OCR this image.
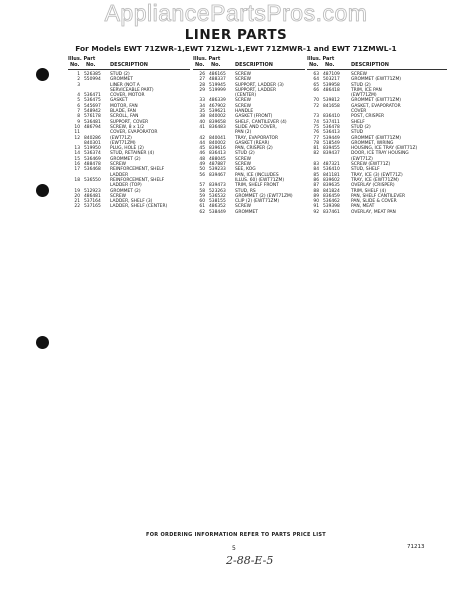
AppliancePartsPros.com
LINER PARTS
For Models EWT 71ZWR-1,EWT 71ZWL-1,EWT 71ZMWR-1 and EWT 71ZMWL-1
Illus. Part
No. No.	DESCRIPTION
1 526385 STUD (2)
2 550994 GROMMET
3	LINER (NOT A
SERVICEABLE PART)
4 536471 COVER, MOTOR
5 536475 GASKET
6 545697 MOTOR, FAN
7 548942 BLADE, FAN
8 576178 SCROLL, FAN
9 536481 SUPPORT, COVER
10 486794 SCREW, 8 x 1/2
11	COVER, EVAPORATOR
12 840286 (EWT71Z)
840301 (EWT71ZM)
13 519950 PLUG, HOLE (2)
14 536374 STUD, RETAINER (4)
15 536469 GROMMET (2)
16 488478 SCREW
17 536468 REINFORCEMENT, SHELF
LADDER
18 536550 REINFORCEMENT, SHELF
LADDER (TOP)
19 512923 GROMMET (2)
20 486481 SCREW
21 537164 LADDER, SHELF (3)
22 537165 LADDER, SHELF (CENTER)
Illus. Part
No. No.	DESCRIPTION
26 486165 SCREW
27 488337 SCREW
28 519945 SUPPORT, LADDER (3)
29 519999 SUPPORT, LADDER
(CENTER)
33 486339 SCREW
34 467902 SCREW
35 539621 HANDLE
38 840002 GASKET (FRONT)
40 839658 SHELF, CANTILEVER (4)
41 836483 SLIDE AND COVER,
PAN (2)
42 840041 TRAY, EVAPORATOR
44 840002 GASKET (REAR)
45 839616 PAN, CRISPER (2)
46 836413 STUD (2)
48 488045 SCREW
49 487887 SCREW
50 539233 SEE, KOG
56 839467 PAN, ICE (INCLUDES
ILLUS. 60) (EWT71ZM)
57 839473 TRIM, SHELF FRONT
58 523263 STUD, RS
59 536532 GROMMET (2) (EWT71ZM)
60 538155 CLIP (2) (EWT71ZM)
61 486352 SCREW
62 538449 GROMMET
Illus. Part
No. No.	DESCRIPTION
63 487109	SCREW
64 503217	GROMMET (EWT71ZM)
65 539958	STUD (2)
66 486418	TRIM, ICE PAN
(EWT71ZM)
70 539812	GROMMET (EWT71ZM)
72 841658	GASKET, EVAPORATOR
COVER
73 836410	POST, CRISPER
74 537411	SHELF
75 536478	STUD (2)
76 536413	STUD
77 539449	GROMMET (EWT71ZM)
78 518549	GROMMET, WIRING
81 839455	HOUSING, ICE TRAY (EWT71Z)
82 839437	DOOR, ICE TRAY HOUSING
(EWT71Z)
83 487321	SCREW (EWT71Z)
84 536410	STUD, SHELF
85 841181	TRAY, ICE (3) (EWT71Z)
86 839602	TRAY, ICE (EWT71ZM)
87 839635	OVERLAY (CRISPER)
88 841824	TRIM, SHELF (4)
89 836459	PAN, SHELF CANTILEVER
90 536462	PAN, SLIDE & COVER
91 539398	PAN, MEAT
92 837461	OVERLAY, MEAT PAN
FOR ORDERING INFORMATION REFER TO PARTS PRICE LIST
5	71213
2-88-E-5
